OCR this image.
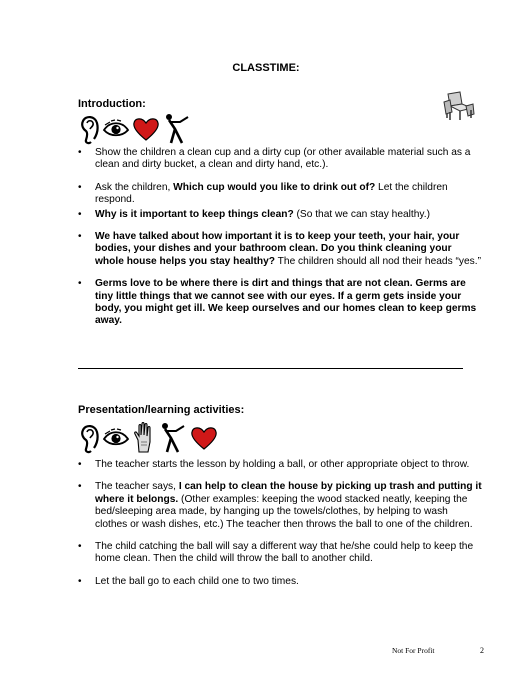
CLASSTIME:
Introduction:
• Show the children a clean cup and a dirty cup (or other available material such as a clean and dirty bucket, a clean and dirty hand, etc.).
• Ask the children, Which cup would you like to drink out of? Let the children respond.
• Why is it important to keep things clean? (So that we can stay healthy.)
• We have talked about how important it is to keep your teeth, your hair, your bodies, your dishes and your bathroom clean. Do you think cleaning your whole house helps you stay healthy? The children should all nod their heads “yes.”
• Germs love to be where there is dirt and things that are not clean. Germs are tiny little things that we cannot see with our eyes. If a germ gets inside your body, you might get ill. We keep ourselves and our homes clean to keep germs away.
Presentation/learning activities:
• The teacher starts the lesson by holding a ball, or other appropriate object to throw.
• The teacher says, I can help to clean the house by picking up trash and putting it where it belongs. (Other examples: keeping the wood stacked neatly, keeping the bed/sleeping area made, by hanging up the towels/clothes, by helping to wash clothes or wash dishes, etc.) The teacher then throws the ball to one of the children.
• The child catching the ball will say a different way that he/she could help to keep the home clean. Then the child will throw the ball to another child.
• Let the ball go to each child one to two times.
Not For Profit	2
